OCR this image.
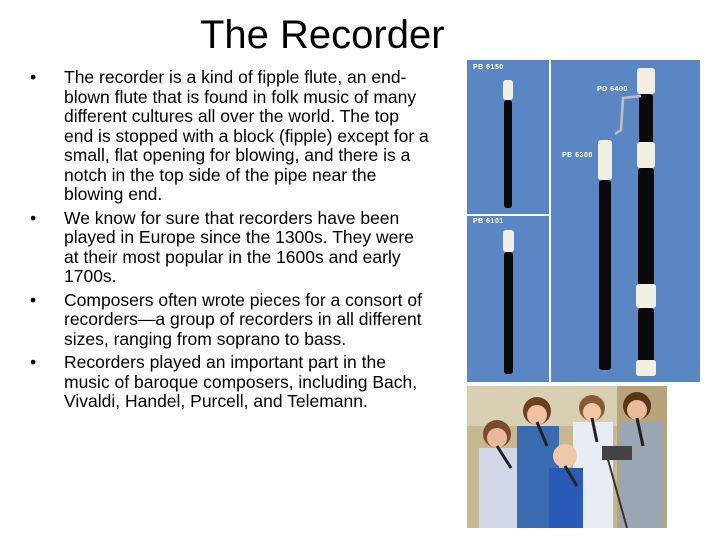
The Recorder
• The recorder is a kind of fipple flute, an end-blown flute that is found in folk music of many different cultures all over the world. The top end is stopped with a block (fipple) except for a small, flat opening for blowing, and there is a notch in the top side of the pipe near the blowing end.
• We know for sure that recorders have been played in Europe since the 1300s. They were at their most popular in the 1600s and early 1700s.
• Composers often wrote pieces for a consort of recorders—a group of recorders in all different sizes, ranging from soprano to bass.
• Recorders played an important part in the music of baroque composers, including Bach, Vivaldi, Handel, Purcell, and Telemann.
PB 6150
PD 6400
PB 6300
PB 6101
